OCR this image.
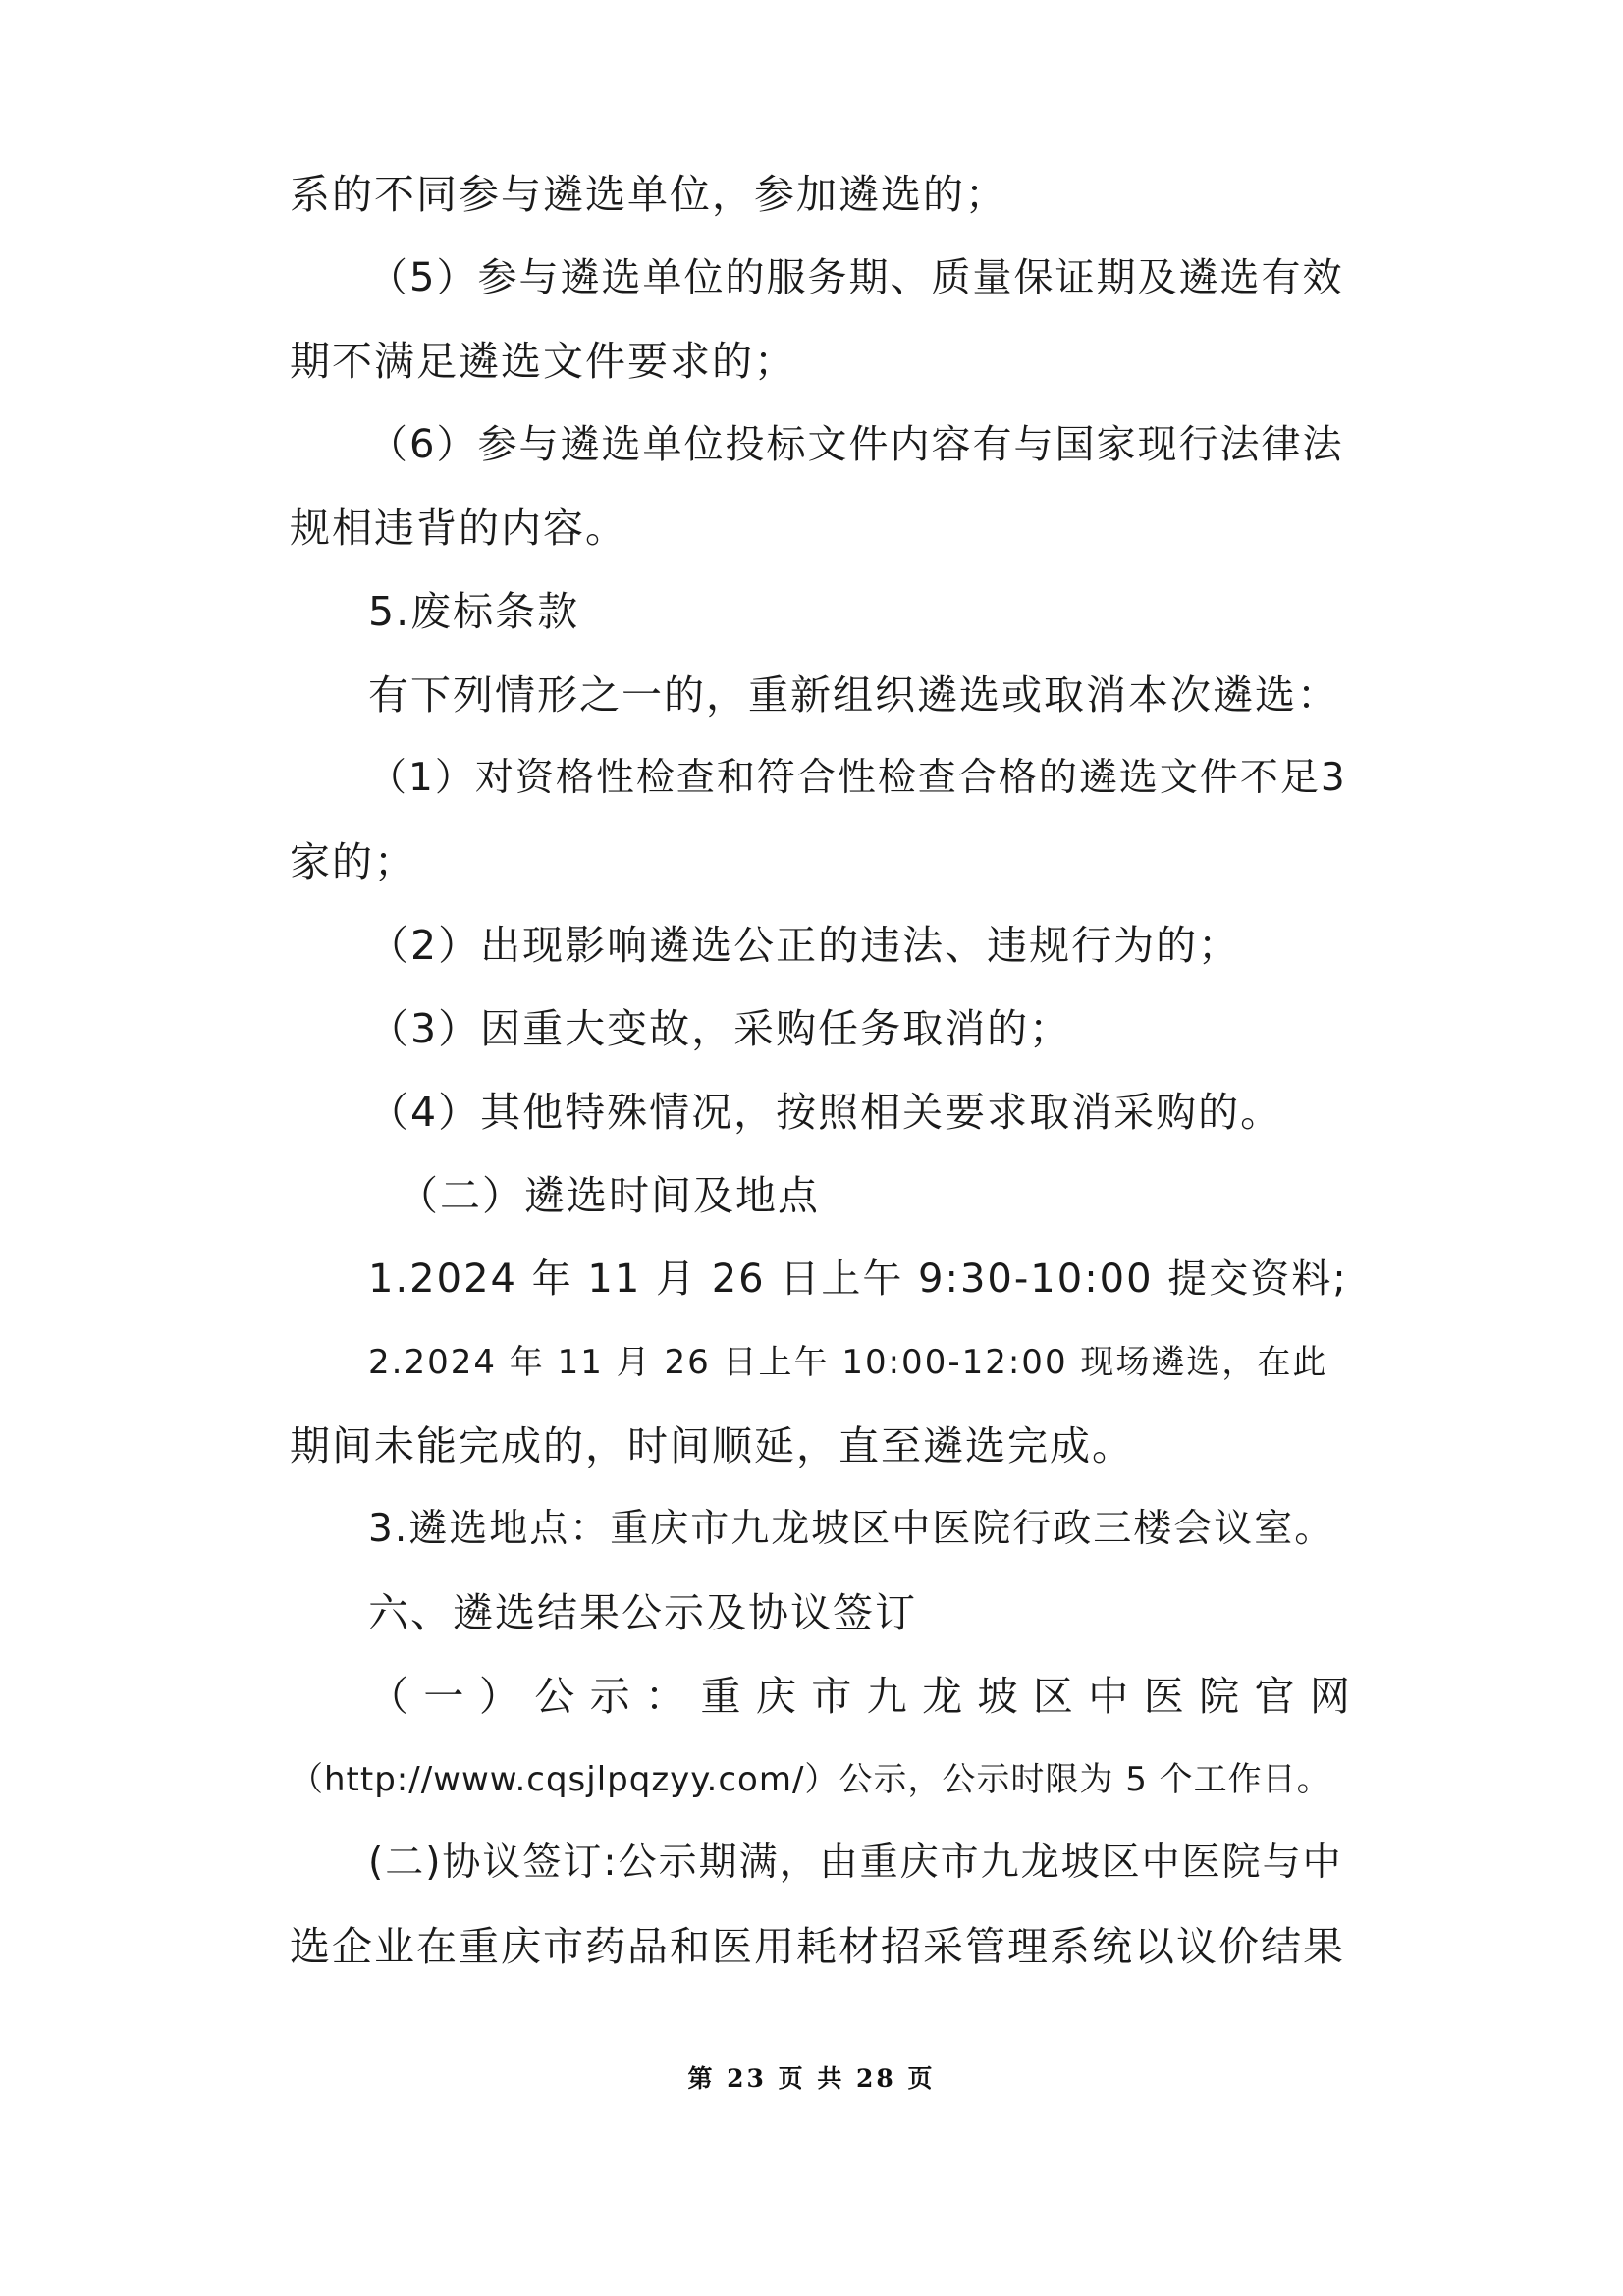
系的不同参与遴选单位，参加遴选的；
（5）参与遴选单位的服务期、质量保证期及遴选有效
期不满足遴选文件要求的；
（6）参与遴选单位投标文件内容有与国家现行法律法
规相违背的内容。
5.废标条款
有下列情形之一的，重新组织遴选或取消本次遴选：
（1）对资格性检查和符合性检查合格的遴选文件不足3
家的；
（2）出现影响遴选公正的违法、违规行为的；
（3）因重大变故，采购任务取消的；
（4）其他特殊情况，按照相关要求取消采购的。
（二）遴选时间及地点
1.2024 年 11 月 26 日上午 9:30-10:00 提交资料;
2.2024 年 11 月 26 日上午 10:00-12:00 现场遴选，在此
期间未能完成的，时间顺延，直至遴选完成。
3.遴选地点：重庆市九龙坡区中医院行政三楼会议室。
六、遴选结果公示及协议签订
（ 一 ） 公 示 ： 重 庆 市 九 龙 坡 区 中 医 院 官 网
（http://www.cqsjlpqzyy.com/）公示，公示时限为 5 个工作日。
(二)协议签订:公示期满，由重庆市九龙坡区中医院与中
选企业在重庆市药品和医用耗材招采管理系统以议价结果
第 23 页 共 28 页
